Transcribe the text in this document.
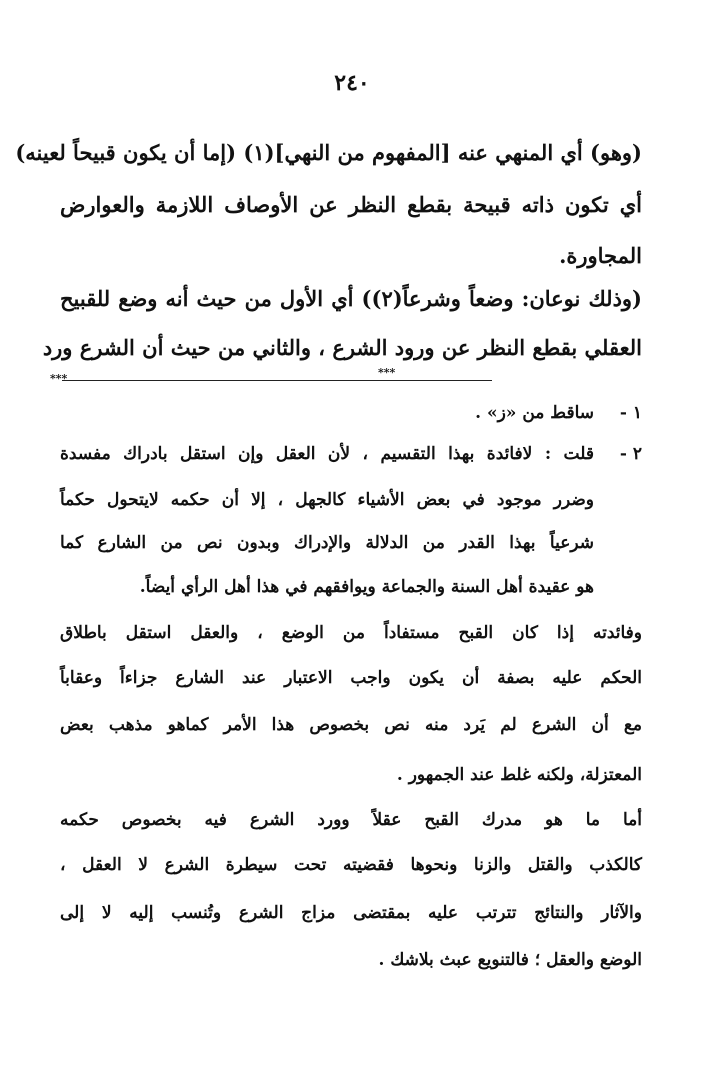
٢٤٠
(وهو) أي المنهي عنه [المفهوم من النهي](١) (إما أن يكون قبيحاً لعينه)
أي تكون ذاته قبيحة بقطع النظر عن الأوصاف اللازمة والعوارض
المجاورة.
(وذلك نوعان: وضعاً وشرعاً(٢)) أي الأول من حيث أنه وضع للقبيح
العقلي بقطع النظر عن ورود الشرع ، والثاني من حيث أن الشرع ورد
***
***
١ -
ساقط من «ز» .
٢ -
قلت : لافائدة بهذا التقسيم ، لأن العقل وإن استقل بادراك مفسدة
وضرر موجود في بعض الأشياء كالجهل ، إلا أن حكمه لايتحول حكماً
شرعياً بهذا القدر من الدلالة والإدراك وبدون نص من الشارع كما
هو عقيدة أهل السنة والجماعة ويوافقهم في هذا أهل الرأي أيضاً.
وفائدته إذا كان القبح مستفاداً من الوضع ، والعقل استقل باطلاق
الحكم عليه بصفة أن يكون واجب الاعتبار عند الشارع جزاءاً وعقاباً
مع أن الشرع لم يَرد منه نص بخصوص هذا الأمر كماهو مذهب بعض
المعتزلة، ولكنه غلط عند الجمهور .
أما ما هو مدرك القبح عقلاً وورد الشرع فيه بخصوص حكمه
كالكذب والقتل والزنا ونحوها فقضيته تحت سيطرة الشرع لا العقل ،
والآثار والنتائج تترتب عليه بمقتضى مزاج الشرع وتُنسب إليه لا إلى
الوضع والعقل ؛ فالتنويع عبث بلاشك .
